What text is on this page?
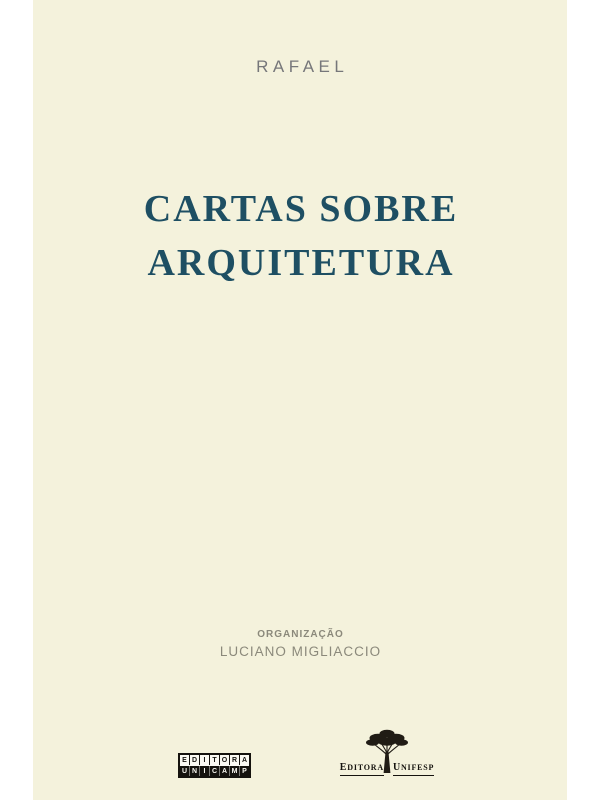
RAFAEL
CARTAS SOBRE
ARQUITETURA
ORGANIZAÇÃO
LUCIANO MIGLIACCIO
E D I T O R A
U N I C A M P	EDITORA UNIFESP
